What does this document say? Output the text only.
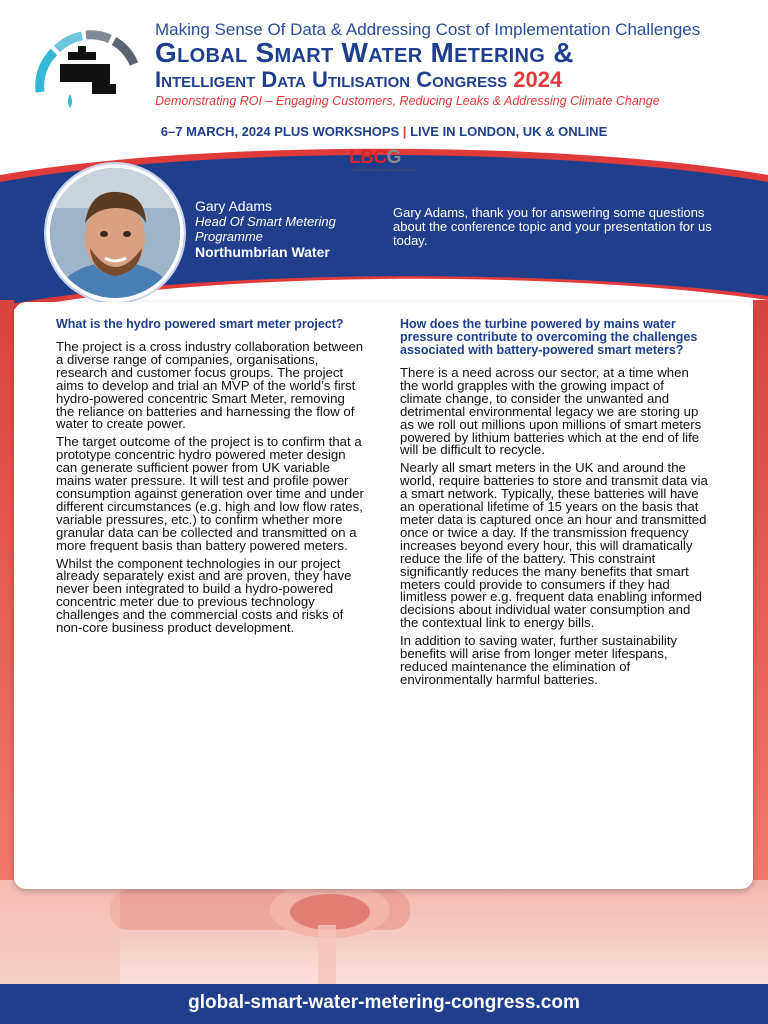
Making Sense Of Data & Addressing Cost of Implementation Challenges
Global Smart Water Metering &
Intelligent Data Utilisation Congress 2024
Demonstrating ROI – Engaging Customers, Reducing Leaks & Addressing Climate Change
6–7 MARCH, 2024 PLUS WORKSHOPS | LIVE IN LONDON, UK & ONLINE
LBCG
London Business Conferences Group
Gary Adams
Head Of Smart Metering Programme
Northumbrian Water
Gary Adams, thank you for answering some questions about the conference topic and your presentation for us today.
What is the hydro powered smart meter project?

The project is a cross industry collaboration between a diverse range of companies, organisations, research and customer focus groups. The project aims to develop and trial an MVP of the world’s first hydro-powered concentric Smart Meter, removing the reliance on batteries and harnessing the flow of water to create power.

The target outcome of the project is to confirm that a prototype concentric hydro powered meter design can generate sufficient power from UK variable mains water pressure. It will test and profile power consumption against generation over time and under different circumstances (e.g. high and low flow rates, variable pressures, etc.) to confirm whether more granular data can be collected and transmitted on a more frequent basis than battery powered meters.

Whilst the component technologies in our project already separately exist and are proven, they have never been integrated to build a hydro-powered concentric meter due to previous technology challenges and the commercial costs and risks of non-core business product development.

How does the turbine powered by mains water pressure contribute to overcoming the challenges associated with battery-powered smart meters?

There is a need across our sector, at a time when the world grapples with the growing impact of climate change, to consider the unwanted and detrimental environmental legacy we are storing up as we roll out millions upon millions of smart meters powered by lithium batteries which at the end of life will be difficult to recycle.

Nearly all smart meters in the UK and around the world, require batteries to store and transmit data via a smart network. Typically, these batteries will have an operational lifetime of 15 years on the basis that meter data is captured once an hour and transmitted once or twice a day. If the transmission frequency increases beyond every hour, this will dramatically reduce the life of the battery. This constraint significantly reduces the many benefits that smart meters could provide to consumers if they had limitless power e.g. frequent data enabling informed decisions about individual water consumption and the contextual link to energy bills.

In addition to saving water, further sustainability benefits will arise from longer meter lifespans, reduced maintenance the elimination of environmentally harmful batteries.

global-smart-water-metering-congress.com
